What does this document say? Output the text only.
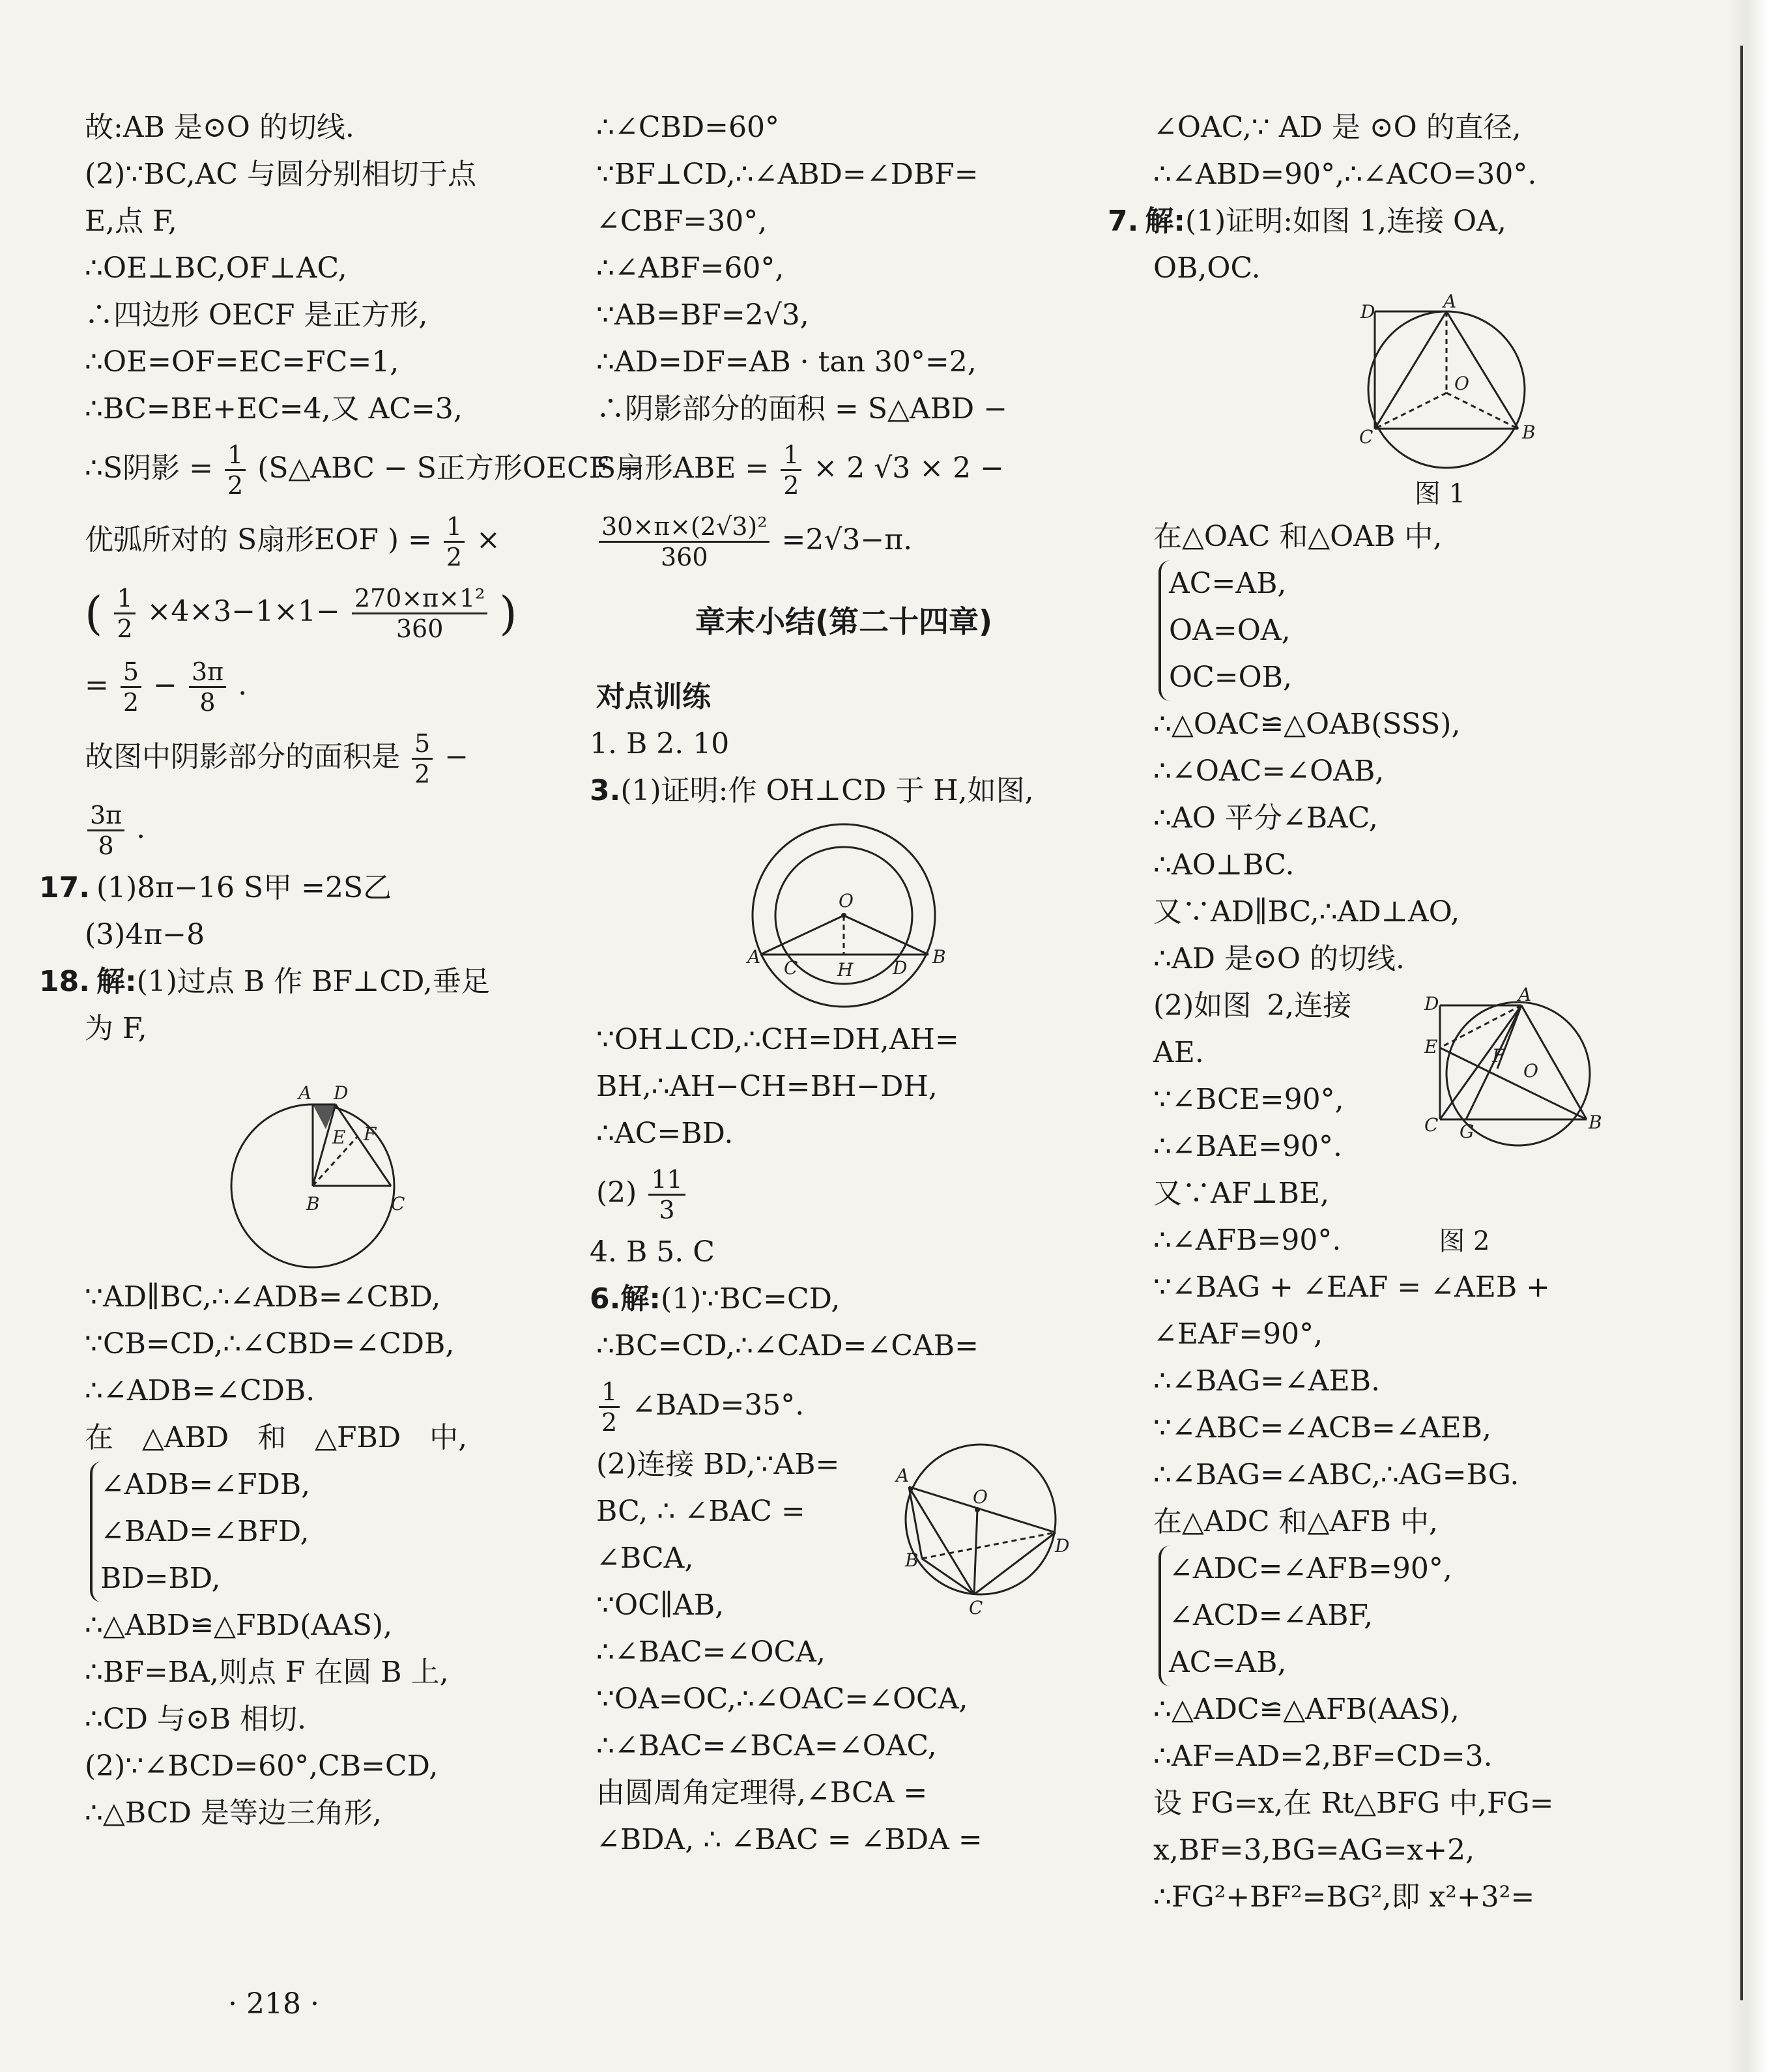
故:AB 是⊙O 的切线.
(2)∵BC,AC 与圆分别相切于点
E,点 F,
∴OE⊥BC,OF⊥AC,
∴四边形 OECF 是正方形,
∴OE=OF=EC=FC=1,
∴BC=BE+EC=4,又 AC=3,
∴S阴影 = $\frac{1}{2}$ (S△ABC − S正方形OECF −
优弧所对的 S扇形EOF ) = $\frac{1}{2}$ ×
( $\frac{1}{2} \times 4\times 3-1\times 1- \frac{\text{270×π×1²}}{360}$ )
= $\frac{5}{2} - \frac{3\pi}{8}$ .
故图中阴影部分的面积是 $\frac{5}{2}$ −
$\frac{3\pi}{8}$ .
17. (1)8π−16 S甲 =2S乙
(3)4π−8
18. 解:(1)过点 B 作 BF⊥CD,垂足
为 F,
A D
E F
B	C
∵AD∥BC,∴∠ADB=∠CBD,
∵CB=CD,∴∠CBD=∠CDB,
∴∠ADB=∠CDB.
在 △ABD 和 △FBD 中,
∠ADB=∠FDB,
∠BAD=∠BFD,
BD=BD,
∴△ABD≌△FBD(AAS),
∴BF=BA,则点 F 在圆 B 上,
∴CD 与⊙B 相切.
(2)∵∠BCD=60°,CB=CD,
∴△BCD 是等边三角形,
· 218 ·
∴∠CBD=60°
∵BF⊥CD,∴∠ABD=∠DBF=
∠CBF=30°,
∴∠ABF=60°,
∵AB=BF=2√3,
∴AD=DF=AB · tan 30°=2,
∴阴影部分的面积 = S△ABD −
S扇形ABE = $\frac{1}{2} \times 2$ √3 × 2 −
$\frac{\text{30×π×(2√3)²}}{360} =2√3-\pi$.
章末小结(第二十四章)
对点训练
1. B 2. 10
3.(1)证明:作 OH⊥CD 于 H,如图,
O
A
C H D
B
∵OH⊥CD,∴CH=DH,AH=
BH,∴AH−CH=BH−DH,
∴AC=BD.
$(2) \frac{11}{3}$
4. B 5. C
6.解:(1)∵BC=CD,
∴BC=CD,∴∠CAD=∠CAB=
$\frac{1}{2}$ ∠BAD=35°.
A
O
B
D
C
(2)连接 BD,∵AB=
BC, ∴ ∠BAC =
∠BCA,
∵OC∥AB,
∴∠BAC=∠OCA,
∵OA=OC,∴∠OAC=∠OCA,
∴∠BAC=∠BCA=∠OAC,
由圆周角定理得,∠BCA =
∠BDA, ∴ ∠BAC = ∠BDA =
∠OAC,∵ AD 是 ⊙O 的直径,
∴∠ABD=90°,∴∠ACO=30°.
7. 解:(1)证明:如图 1,连接 OA,
OB,OC.
D	A
O
C	B
图 1
在△OAC 和△OAB 中,
AC=AB,
OA=OA,
OC=OB,
∴△OAC≌△OAB(SSS),
∴∠OAC=∠OAB,
∴AO 平分∠BAC,
∴AO⊥BC.
又∵AD∥BC,∴AD⊥AO,
∴AD 是⊙O 的切线.
D	A
E	F
O
C G	B
(2)如图 2,连接
AE.
∵∠BCE=90°,
∴∠BAE=90°.
又∵AF⊥BE,
∴∠AFB=90°.	图 2
∵∠BAG + ∠EAF = ∠AEB +
∠EAF=90°,
∴∠BAG=∠AEB.
∵∠ABC=∠ACB=∠AEB,
∴∠BAG=∠ABC,∴AG=BG.
在△ADC 和△AFB 中,
∠ADC=∠AFB=90°,
∠ACD=∠ABF,
AC=AB,
∴△ADC≌△AFB(AAS),
∴AF=AD=2,BF=CD=3.
设 FG=x,在 Rt△BFG 中,FG=
x,BF=3,BG=AG=x+2,
∴FG²+BF²=BG²,即 x²+3²=
